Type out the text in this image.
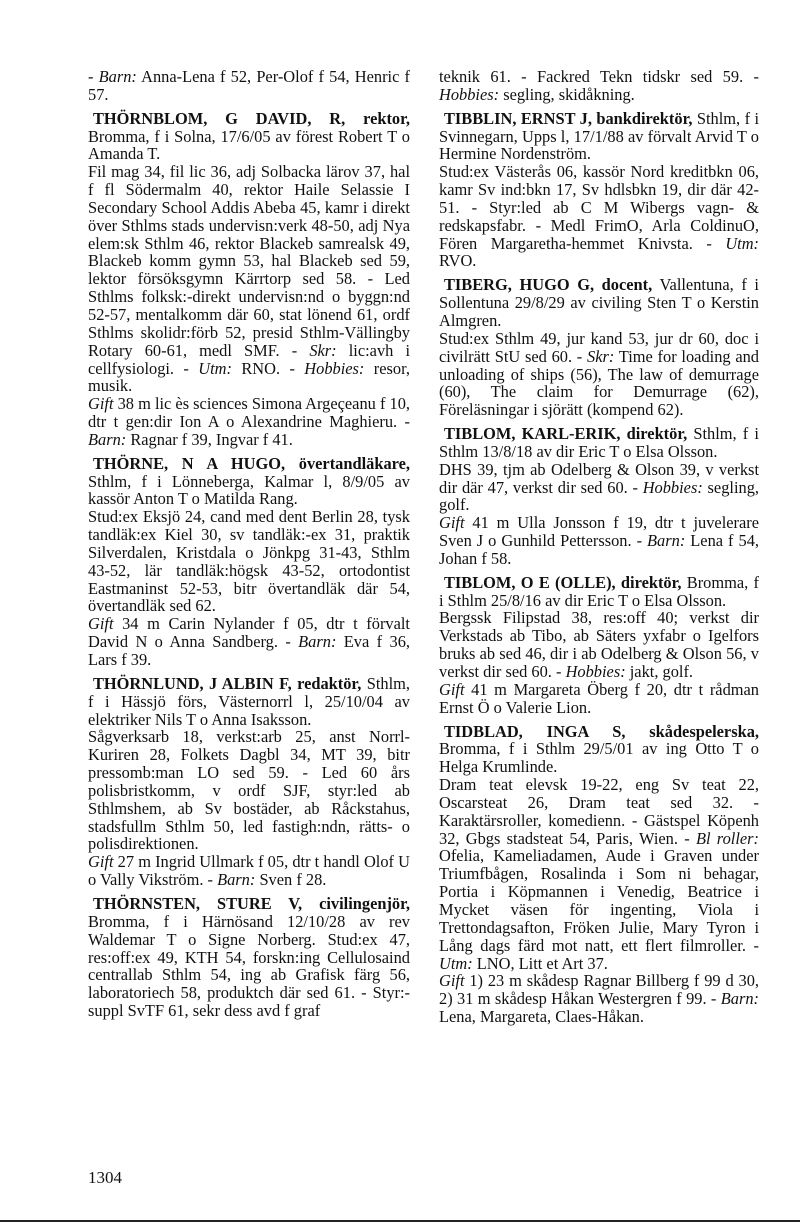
- Barn: Anna-Lena f 52, Per-Olof f 54, Henric f 57.

THÖRNBLOM, G DAVID, R, rektor, Bromma, f i Solna, 17/6/05 av förest Robert T o Amanda T.

Fil mag 34, fil lic 36, adj Solbacka lärov 37, hal f fl Södermalm 40, rektor Haile Selassie I Secondary School Addis Abeba 45, kamr i direkt över Sthlms stads undervisn:verk 48-50, adj Nya elem:sk Sthlm 46, rektor Blackeb samrealsk 49, Blackeb komm gymn 53, hal Blackeb sed 59, lektor försöksgymn Kärrtorp sed 58. - Led Sthlms folksk:-direkt undervisn:nd o byggn:nd 52-57, mentalkomm där 60, stat lönend 61, ordf Sthlms skolidr:förb 52, presid Sthlm-Vällingby Rotary 60-61, medl SMF. - Skr: lic:avh i cellfysiologi. - Utm: RNO. - Hobbies: resor, musik.

Gift 38 m lic ès sciences Simona Argeçeanu f 10, dtr t gen:dir Ion A o Alexandrine Maghieru. - Barn: Ragnar f 39, Ingvar f 41.

THÖRNE, N A HUGO, övertandläkare, Sthlm, f i Lönneberga, Kalmar l, 8/9/05 av kassör Anton T o Matilda Rang.

Stud:ex Eksjö 24, cand med dent Berlin 28, tysk tandläk:ex Kiel 30, sv tandläk:-ex 31, praktik Silverdalen, Kristdala o Jönkpg 31-43, Sthlm 43-52, lär tandläk:högsk 43-52, ortodontist Eastmaninst 52-53, bitr övertandläk där 54, övertandläk sed 62.

Gift 34 m Carin Nylander f 05, dtr t förvalt David N o Anna Sandberg. - Barn: Eva f 36, Lars f 39.

THÖRNLUND, J ALBIN F, redaktör, Sthlm, f i Hässjö förs, Västernorrl l, 25/10/04 av elektriker Nils T o Anna Isaksson.

Sågverksarb 18, verkst:arb 25, anst Norrl-Kuriren 28, Folkets Dagbl 34, MT 39, bitr pressomb:man LO sed 59. - Led 60 års polisbristkomm, v ordf SJF, styr:led ab Sthlmshem, ab Sv bostäder, ab Råckstahus, stadsfullm Sthlm 50, led fastigh:ndn, rätts- o polisdirektionen.

Gift 27 m Ingrid Ullmark f 05, dtr t handl Olof U o Vally Vikström. - Barn: Sven f 28.

THÖRNSTEN, STURE V, civilingenjör, Bromma, f i Härnösand 12/10/28 av rev Waldemar T o Signe Norberg. Stud:ex 47, res:off:ex 49, KTH 54, forskn:ing Cellulosaind centrallab Sthlm 54, ing ab Grafisk färg 56, laboratoriech 58, produktch där sed 61. - Styr:-suppl SvTF 61, sekr dess avd f graf

teknik 61. - Fackred Tekn tidskr sed 59. - Hobbies: segling, skidåkning.

TIBBLIN, ERNST J, bankdirektör, Sthlm, f i Svinnegarn, Upps l, 17/1/88 av förvalt Arvid T o Hermine Nordenström.

Stud:ex Västerås 06, kassör Nord kreditbkn 06, kamr Sv ind:bkn 17, Sv hdlsbkn 19, dir där 42-51. - Styr:led ab C M Wibergs vagn- & redskapsfabr. - Medl FrimO, Arla ColdinuO, Fören Margaretha-hemmet Knivsta. - Utm: RVO.

TIBERG, HUGO G, docent, Vallentuna, f i Sollentuna 29/8/29 av civiling Sten T o Kerstin Almgren.

Stud:ex Sthlm 49, jur kand 53, jur dr 60, doc i civilrätt StU sed 60. - Skr: Time for loading and unloading of ships (56), The law of demurrage (60), The claim for Demurrage (62), Föreläsningar i sjörätt (kompend 62).

TIBLOM, KARL-ERIK, direktör, Sthlm, f i Sthlm 13/8/18 av dir Eric T o Elsa Olsson.

DHS 39, tjm ab Odelberg & Olson 39, v verkst dir där 47, verkst dir sed 60. - Hobbies: segling, golf.

Gift 41 m Ulla Jonsson f 19, dtr t juvelerare Sven J o Gunhild Pettersson. - Barn: Lena f 54, Johan f 58.

TIBLOM, O E (OLLE), direktör, Bromma, f i Sthlm 25/8/16 av dir Eric T o Elsa Olsson.

Bergssk Filipstad 38, res:off 40; verkst dir Verkstads ab Tibo, ab Säters yxfabr o Igelfors bruks ab sed 46, dir i ab Odelberg & Olson 56, v verkst dir sed 60. - Hobbies: jakt, golf.

Gift 41 m Margareta Öberg f 20, dtr t rådman Ernst Ö o Valerie Lion.

TIDBLAD, INGA S, skådespelerska, Bromma, f i Sthlm 29/5/01 av ing Otto T o Helga Krumlinde.

Dram teat elevsk 19-22, eng Sv teat 22, Oscarsteat 26, Dram teat sed 32. - Karaktärsroller, komedienn. - Gästspel Köpenh 32, Gbgs stadsteat 54, Paris, Wien. - Bl roller: Ofelia, Kameliadamen, Aude i Graven under Triumfbågen, Rosalinda i Som ni behagar, Portia i Köpmannen i Venedig, Beatrice i Mycket väsen för ingenting, Viola i Trettondagsafton, Fröken Julie, Mary Tyron i Lång dags färd mot natt, ett flert filmroller. - Utm: LNO, Litt et Art 37.

Gift 1) 23 m skådesp Ragnar Billberg f 99 d 30, 2) 31 m skådesp Håkan Westergren f 99. - Barn: Lena, Margareta, Claes-Håkan.

1304
